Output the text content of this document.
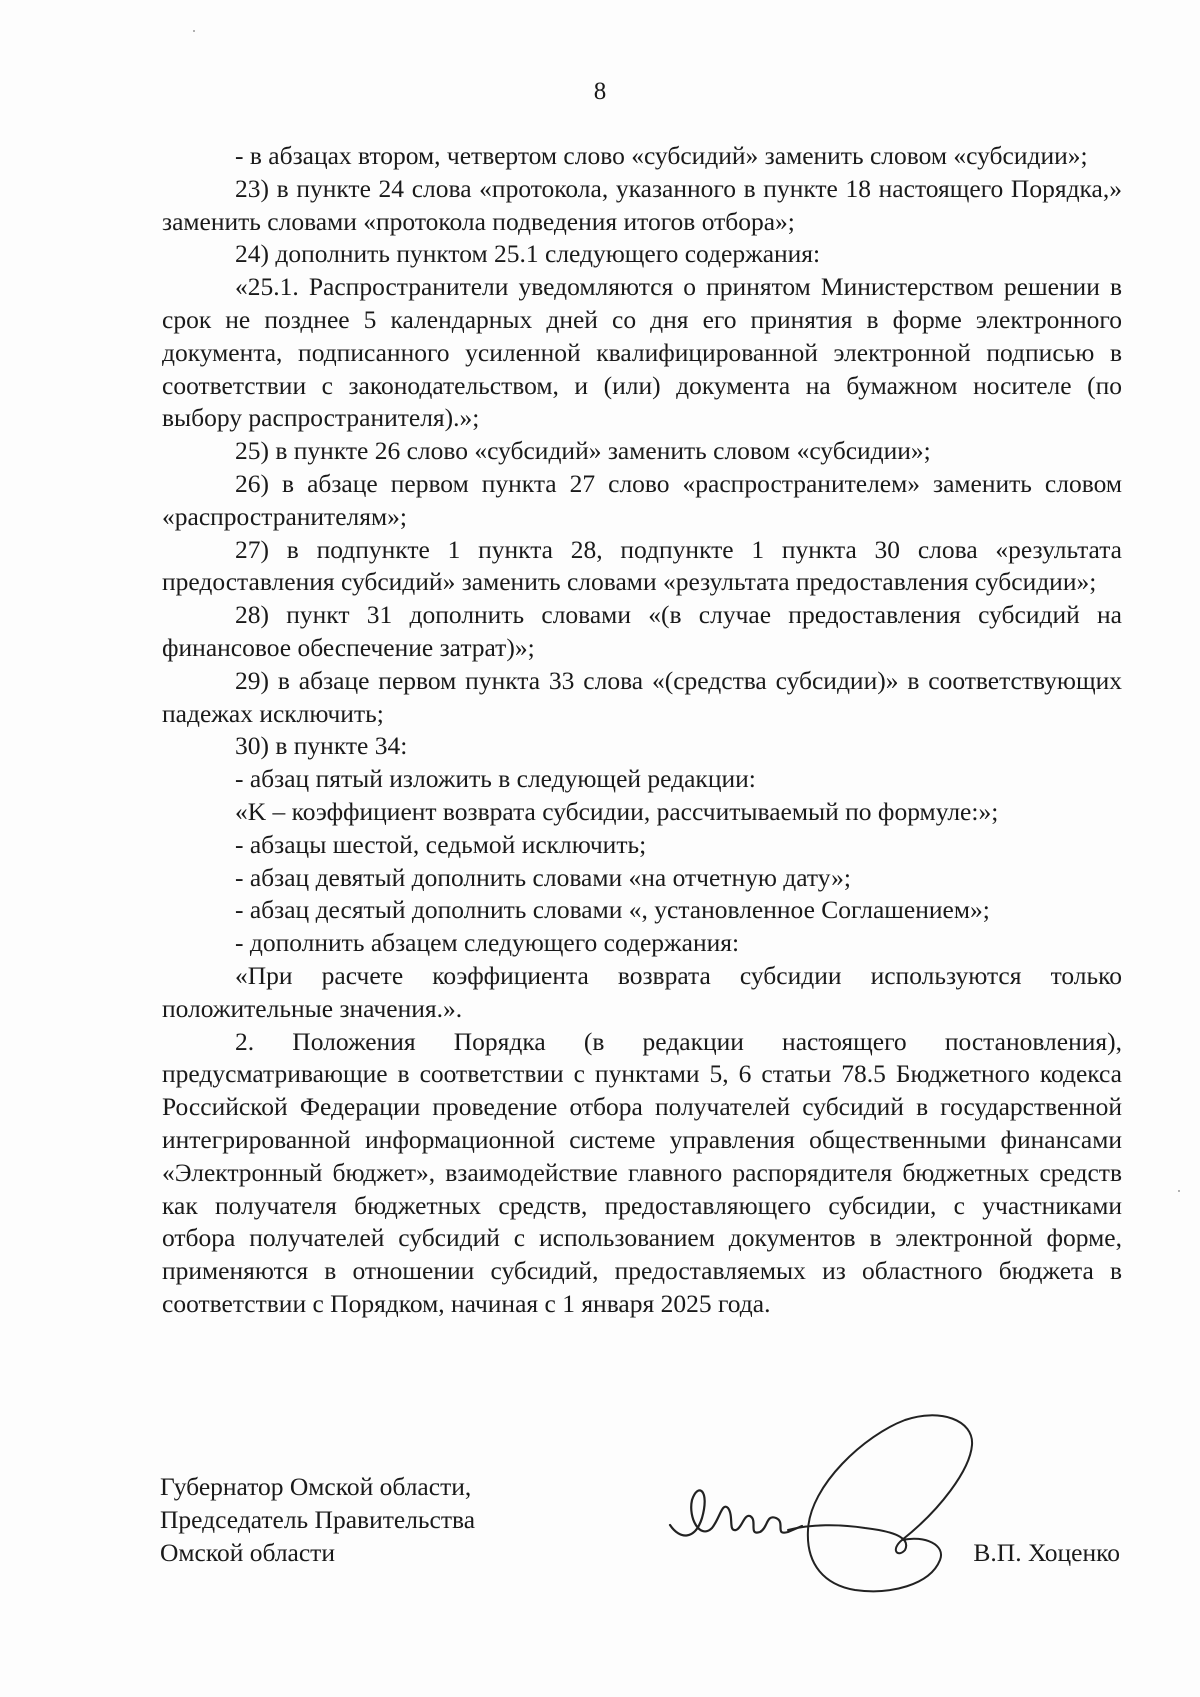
8

- в абзацах втором, четвертом слово «субсидий» заменить словом «субсидии»;

23) в пункте 24 слова «протокола, указанного в пункте 18 настоящего Порядка,» заменить словами «протокола подведения итогов отбора»;

24) дополнить пунктом 25.1 следующего содержания:

«25.1. Распространители уведомляются о принятом Министерством решении в срок не позднее 5 календарных дней со дня его принятия в форме электронного документа, подписанного усиленной квалифицированной электронной подписью в соответствии с законодательством, и (или) документа на бумажном носителе (по выбору распространителя).»;

25) в пункте 26 слово «субсидий» заменить словом «субсидии»;

26) в абзаце первом пункта 27 слово «распространителем» заменить словом «распространителям»;

27) в подпункте 1 пункта 28, подпункте 1 пункта 30 слова «результата предоставления субсидий» заменить словами «результата предоставления субсидии»;

28) пункт 31 дополнить словами «(в случае предоставления субсидий на финансовое обеспечение затрат)»;

29) в абзаце первом пункта 33 слова «(средства субсидии)» в соответствующих падежах исключить;

30) в пункте 34:

- абзац пятый изложить в следующей редакции:

«K – коэффициент возврата субсидии, рассчитываемый по формуле:»;

- абзацы шестой, седьмой исключить;

- абзац девятый дополнить словами «на отчетную дату»;

- абзац десятый дополнить словами «, установленное Соглашением»;

- дополнить абзацем следующего содержания:

«При расчете коэффициента возврата субсидии используются только положительные значения.».

2. Положения Порядка (в редакции настоящего постановления), предусматривающие в соответствии с пунктами 5, 6 статьи 78.5 Бюджетного кодекса Российской Федерации проведение отбора получателей субсидий в государственной интегрированной информационной системе управления общественными финансами «Электронный бюджет», взаимодействие главного распорядителя бюджетных средств как получателя бюджетных средств, предоставляющего субсидии, с участниками отбора получателей субсидий с использованием документов в электронной форме, применяются в отношении субсидий, предоставляемых из областного бюджета в соответствии с Порядком, начиная с 1 января 2025 года.

Губернатор Омской области,
Председатель Правительства
Омской области	В.П. Хоценко
